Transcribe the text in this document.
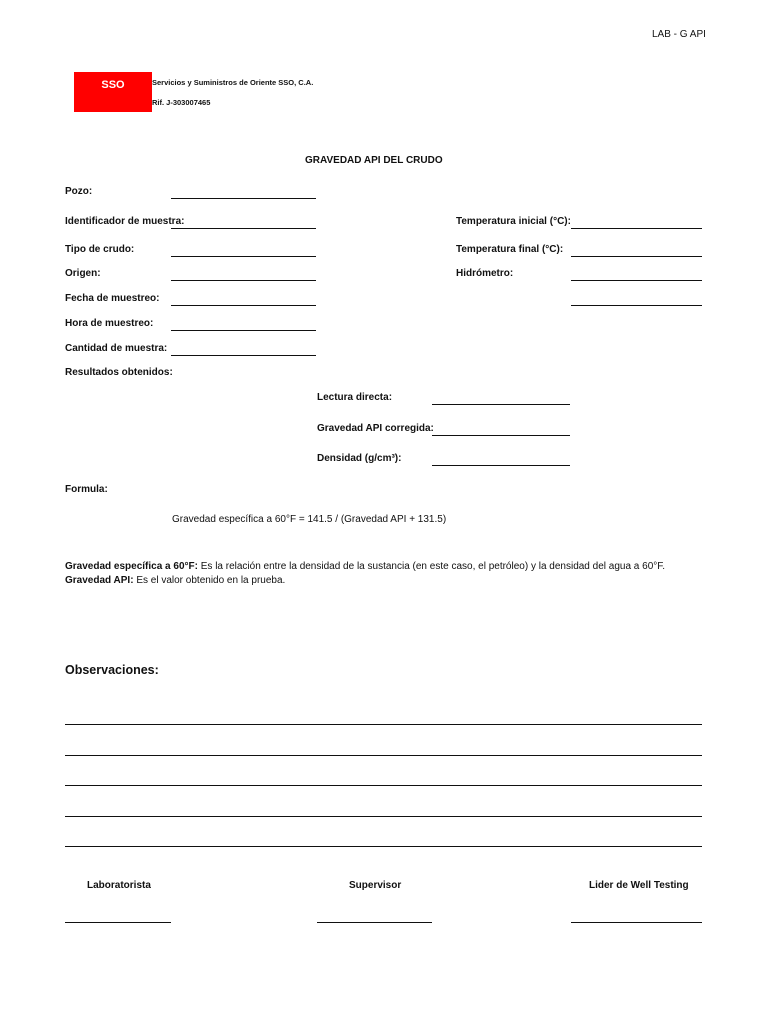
LAB - G API
SSO	Servicios y Suministros de Oriente SSO, C.A.
Rif. J-303007465
GRAVEDAD API DEL CRUDO
Pozo:
Identificador de muestra:
Tipo de crudo:
Origen:
Fecha de muestreo:
Hora de muestreo:
Cantidad de muestra:
Temperatura inicial (°C):
Temperatura final (°C):
Hidrómetro:
Resultados obtenidos:
Lectura directa:
Gravedad API corregida:
Densidad (g/cm³):
Formula:
Gravedad específica a 60°F = 141.5 / (Gravedad API + 131.5)
Gravedad específica a 60°F: Es la relación entre la densidad de la sustancia (en este caso, el petróleo) y la densidad del agua a 60°F.
Gravedad API: Es el valor obtenido en la prueba.
Observaciones:
Laboratorista	Supervisor	Lider de Well Testing
